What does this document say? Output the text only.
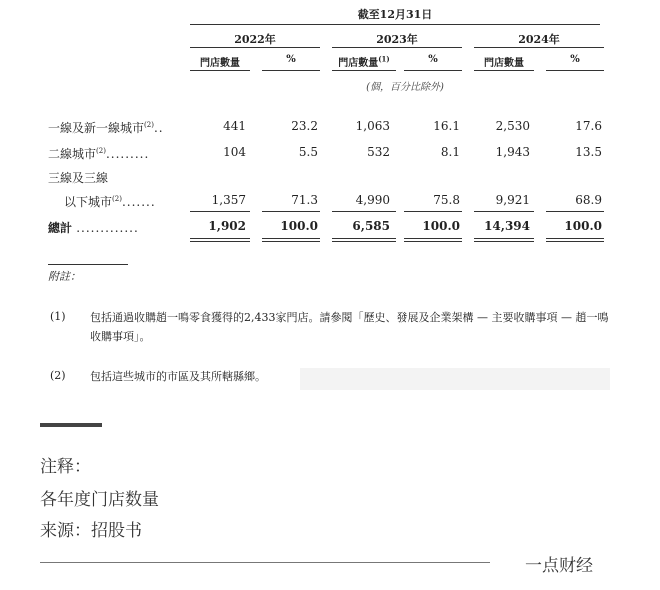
截至12月31日
2022年	2023年	2024年
門店數量	%	門店數量$^{(1)}$	%	門店數量	%
(個，百分比除外)
一線及新一線城市$^{(2)}$..	441	23.2	1,063	16.1	2,530	17.6
二線城市$^{(2)}$.........	104	5.5	532	8.1	1,943	13.5
三線及三線
以下城市$^{(2)}$.......	1,357	71.3	4,990	75.8	9,921	68.9
總計 .............	1,902	100.0	6,585	100.0	14,394	100.0
附註：
(1) 包括通過收購趙一鳴零食獲得的2,433家門店。請參閱「歷史、發展及企業架構 — 主要收購事項 — 趙一鳴收購事項」。
(2) 包括這些城市的市區及其所轄縣鄉。
注释：
各年度门店数量
来源：招股书
一点财经
